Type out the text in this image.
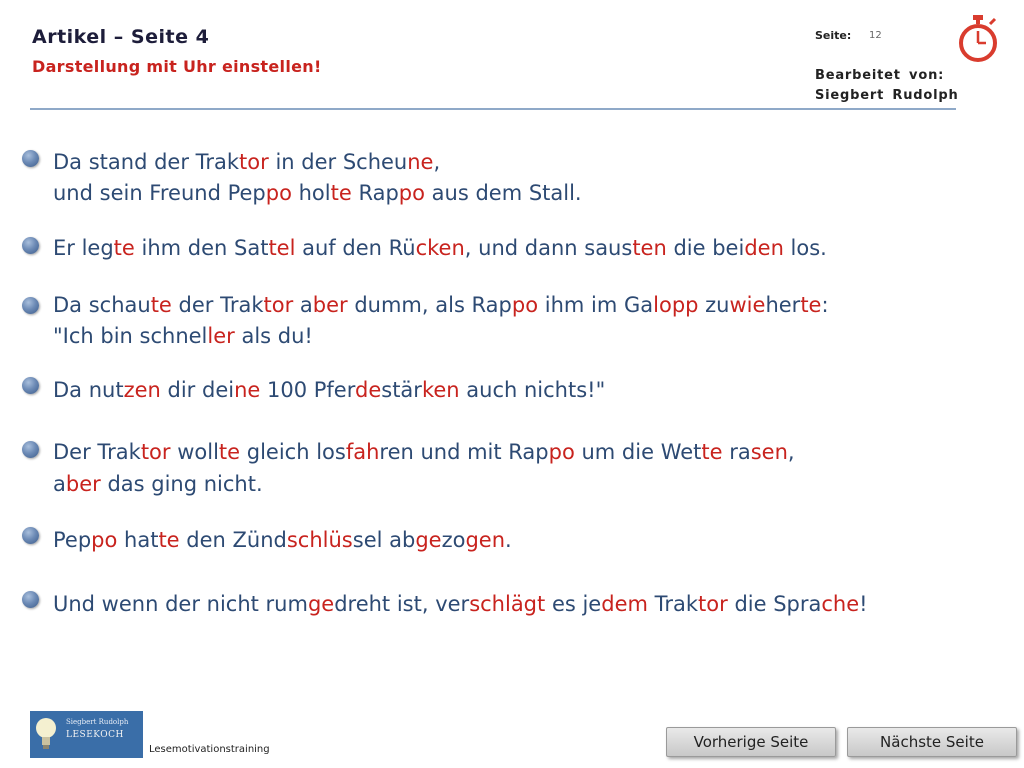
Artikel – Seite 4
Darstellung mit Uhr einstellen!
Seite: 12
Bearbeitet von:
Siegbert Rudolph
Da stand der Traktor in der Scheune,
und sein Freund Peppo holte Rappo aus dem Stall.
Er legte ihm den Sattel auf den Rücken, und dann sausten die beiden los.
Da schaute der Traktor aber dumm, als Rappo ihm im Galopp zuwieherte:
"Ich bin schneller als du!
Da nutzen dir deine 100 Pferdestärken auch nichts!"
Der Traktor wollte gleich losfahren und mit Rappo um die Wette rasen,
aber das ging nicht.
Peppo hatte den Zündschlüssel abgezogen.
Und wenn der nicht rumgedreht ist, verschlägt es jedem Traktor die Sprache!
Siegbert Rudolph
LESEKOCH
Lesemotivationstraining	Vorherige Seite	Nächste Seite
